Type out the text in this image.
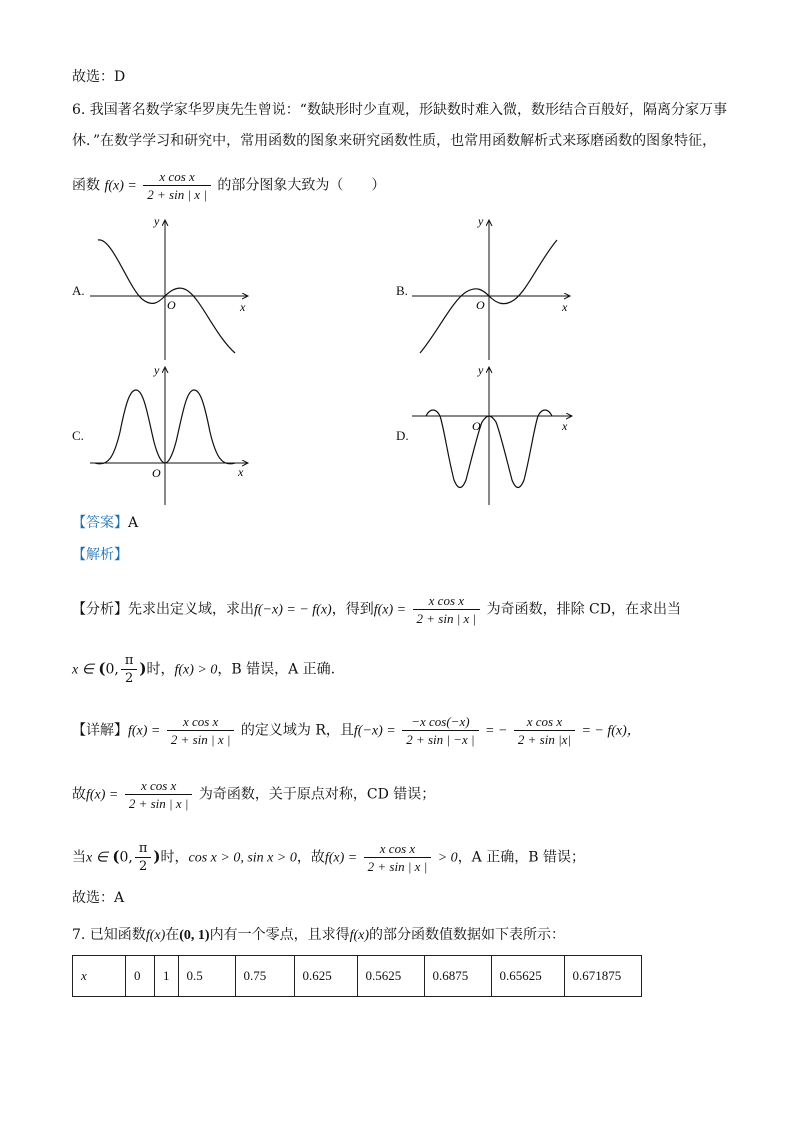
故选：D
6. 我国著名数学家华罗庚先生曾说：“数缺形时少直观，形缺数时难入微，数形结合百般好，隔离分家万事
休．”在数学学习和研究中，常用函数的图象来研究函数性质，也常用函数解析式来琢磨函数的图象特征，
函数 $f(x) = \frac{\text{x cos x}}{2 + \sin | x |}$ 的部分图象大致为（　　）
A.	B.
C.	D.
y
x
O
y
x
O
y
x
O
y
x
O
【答案】A
【解析】
【分析】先求出定义域，求出f(−x) = − f(x)，得到$f(x) = \frac{\text{x cos x}}{2 + \sin | x |}$ 为奇函数，排除 CD，在求出当
x ∈ (0, $\frac{\pi}{2}$ )时，f(x) > 0，B 错误，A 正确.
【详解】$f(x) = \frac{\text{x cos x}}{2 + \sin | x |}$ 的定义域为 R，且$f(-x) = \frac{\text{−x cos(−x)}}{2 + \sin | -x |}$ = − $\frac{\text{x cos x}}{2 + \sin |x|}$ = − f(x)，
故$f(x) = \frac{\text{x cos x}}{2 + \sin | x |}$ 为奇函数，关于原点对称，CD 错误；
当x ∈ (0, $\frac{\pi}{2}$ )时，cos x > 0, sin x > 0，故$f(x) = \frac{\text{x cos x}}{2 + \sin | x |} > 0$，A 正确，B 错误；
故选：A
7. 已知函数f(x)在(0, 1)内有一个零点，且求得f(x)的部分函数值数据如下表所示：
x	0	1	0.5	0.75	0.625	0.5625	0.6875	0.65625	0.671875
